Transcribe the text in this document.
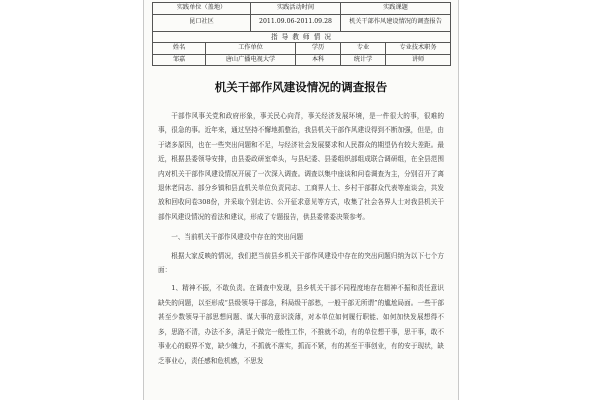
实践单位（盖地）		实践活动时间		实践课题	
昆口社区		2011.09.06-2011.09.28		机关干部作风建设情况的调查报告	
指 导 教 师 情 况					
姓名	工作单位		学历	专业	专业技术职务
邹嘉	唐山广播电视大学		本科	统计学	讲师
机关干部作风建设情况的调查报告

干部作风事关党和政府形象，事关民心向背，事关经济发展环境，是一件很大的事，很难的事，很急的事。近年来，通过坚持不懈地抓整治，我县机关干部作风建设得到不断加强，但是，由于诸多原因，也在一些突出问题和不足，与经济社会发展要求和人民群众的期望仍有较大差距。最近，根据县委领导安排，由县委政研室牵头，与县纪委、县委组织部组成联合调研组，在全县范围内对机关干部作风建设情况开展了一次深入调查。调查以集中座谈和问卷调查为主，分别召开了离退休老同志、部分乡镇和县直机关单位负责同志、工商界人士、乡村干部群众代表等座谈会，共发放和回收问卷308份，并采取个别走访、公开征求意见等方式，收集了社会各界人士对我县机关干部作风建设情况的看法和建议，形成了专题报告，供县委常委决策参考。

一、当前机关干部作风建设中存在的突出问题

根据大家反映的情况，我们把当前县乡机关干部作风建设中存在的突出问题归纳为以下七个方面：

1、精神不振，不敢负责。在调查中发现，县乡机关干部不同程度地存在精神不振和责任意识缺失的问题，以至形成“县级领导干部急，科局级干部愁，一般干部无所谓”的尴尬局面。一些干部甚至少数领导干部思想问题、谋大事的意识淡薄，对本单位如何履行职能、如何加快发展想得不多，思路不清，办法不多，满足于做完一般性工作，不推就不动，有的单位想干事，思干事，敢不事业心的眼界不宽，缺少魄力，不抓就不落实，抓而不紧，有的甚至干事创业，有的安于现状，缺乏事业心，责任感和危机感，不思发
